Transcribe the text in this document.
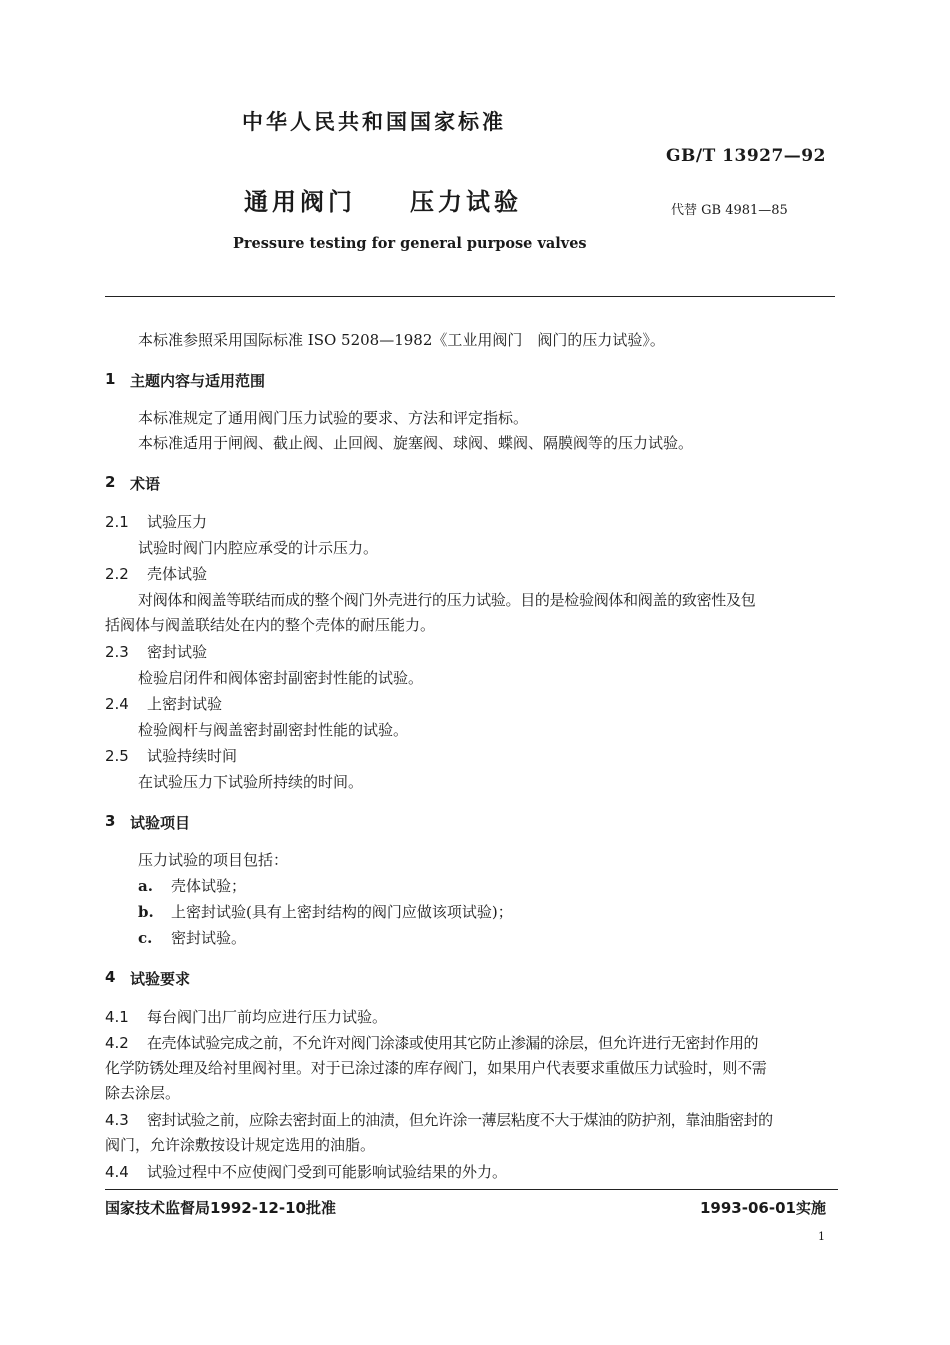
中华人民共和国国家标准
GB/T 13927—92
通用阀门 压力试验	代替 GB 4981—85
Pressure testing for general purpose valves
本标准参照采用国际标准 ISO 5208—1982《工业用阀门　阀门的压力试验》。
1 主题内容与适用范围
本标准规定了通用阀门压力试验的要求、方法和评定指标。
本标准适用于闸阀、截止阀、止回阀、旋塞阀、球阀、蝶阀、隔膜阀等的压力试验。
2 术语
2.1 试验压力
试验时阀门内腔应承受的计示压力。
2.2 壳体试验
对阀体和阀盖等联结而成的整个阀门外壳进行的压力试验。目的是检验阀体和阀盖的致密性及包
括阀体与阀盖联结处在内的整个壳体的耐压能力。
2.3 密封试验
检验启闭件和阀体密封副密封性能的试验。
2.4 上密封试验
检验阀杆与阀盖密封副密封性能的试验。
2.5 试验持续时间
在试验压力下试验所持续的时间。
3 试验项目
压力试验的项目包括：
a. 壳体试验；
b. 上密封试验(具有上密封结构的阀门应做该项试验)；
c. 密封试验。
4 试验要求
4.1 每台阀门出厂前均应进行压力试验。
4.2 在壳体试验完成之前，不允许对阀门涂漆或使用其它防止渗漏的涂层，但允许进行无密封作用的
化学防锈处理及给衬里阀衬里。对于已涂过漆的库存阀门，如果用户代表要求重做压力试验时，则不需
除去涂层。
4.3 密封试验之前，应除去密封面上的油渍，但允许涂一薄层粘度不大于煤油的防护剂，靠油脂密封的
阀门，允许涂敷按设计规定选用的油脂。
4.4 试验过程中不应使阀门受到可能影响试验结果的外力。
国家技术监督局1992-12-10批准	1993-06-01实施
1
